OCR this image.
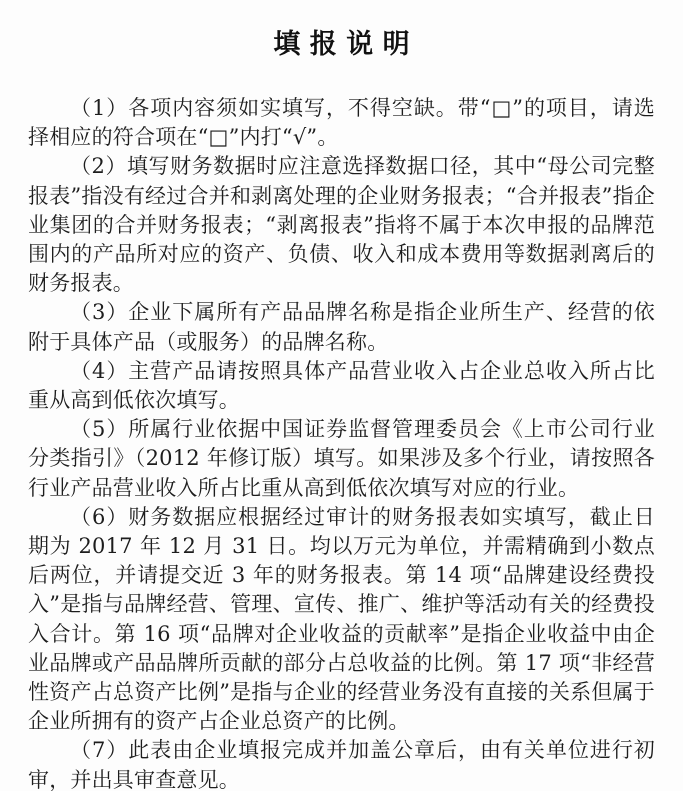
填 报 说 明

（1）各项内容须如实填写，不得空缺。带“□”的项目，请选择相应的符合项在“□”内打“√”。

（2）填写财务数据时应注意选择数据口径，其中“母公司完整报表”指没有经过合并和剥离处理的企业财务报表；“合并报表”指企业集团的合并财务报表；“剥离报表”指将不属于本次申报的品牌范围内的产品所对应的资产、负债、收入和成本费用等数据剥离后的财务报表。

（3）企业下属所有产品品牌名称是指企业所生产、经营的依附于具体产品（或服务）的品牌名称。

（4）主营产品请按照具体产品营业收入占企业总收入所占比重从高到低依次填写。

（5）所属行业依据中国证券监督管理委员会《上市公司行业分类指引》（2012 年修订版）填写。如果涉及多个行业，请按照各行业产品营业收入所占比重从高到低依次填写对应的行业。

（6）财务数据应根据经过审计的财务报表如实填写，截止日期为 2017 年 12 月 31 日。均以万元为单位，并需精确到小数点后两位，并请提交近 3 年的财务报表。第 14 项“品牌建设经费投入”是指与品牌经营、管理、宣传、推广、维护等活动有关的经费投入合计。第 16 项“品牌对企业收益的贡献率”是指企业收益中由企业品牌或产品品牌所贡献的部分占总收益的比例。第 17 项“非经营性资产占总资产比例”是指与企业的经营业务没有直接的关系但属于企业所拥有的资产占企业总资产的比例。

（7）此表由企业填报完成并加盖公章后，由有关单位进行初审，并出具审查意见。
